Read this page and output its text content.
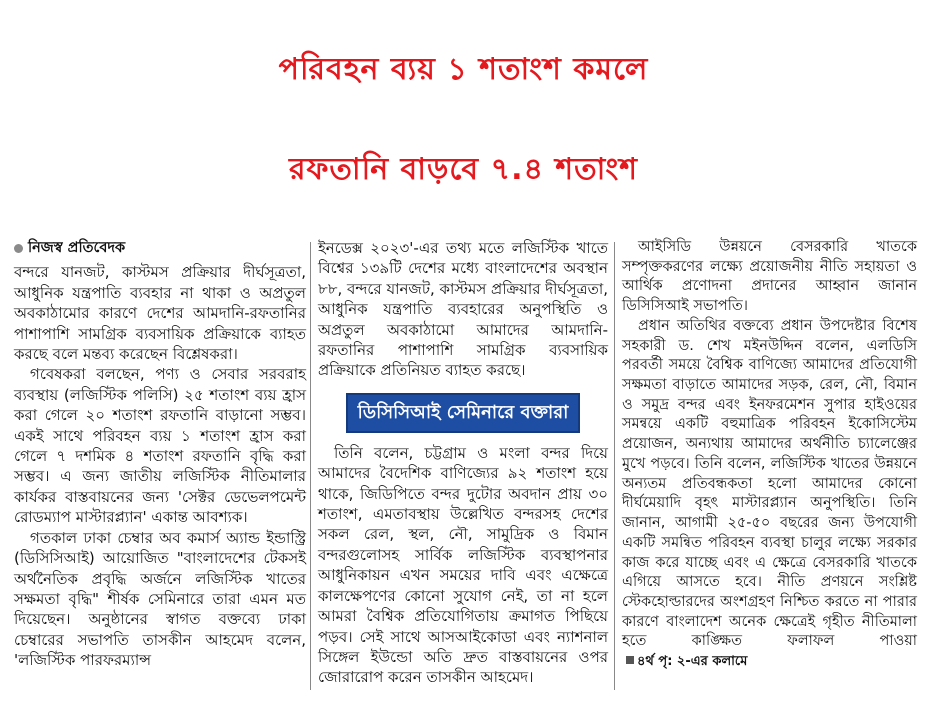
পরিবহন ব্যয় ১ শতাংশ কমলে
রফতানি বাড়বে ৭.৪ শতাংশ
নিজস্ব প্রতিবেদক

বন্দরে যানজট, কাস্টমস প্রক্রিয়ার দীর্ঘসূত্রতা, আধুনিক যন্ত্রপাতি ব্যবহার না থাকা ও অপ্রতুল অবকাঠামোর কারণে দেশের আমদানি-রফতানির পাশাপাশি সামগ্রিক ব্যবসায়িক প্রক্রিয়াকে ব্যাহত করছে বলে মন্তব্য করেছেন বিশ্লেষকরা।

গবেষকরা বলছেন, পণ্য ও সেবার সরবরাহ ব্যবস্থায় (লজিস্টিক পলিসি) ২৫ শতাংশ ব্যয় হ্রাস করা গেলে ২০ শতাংশ রফতানি বাড়ানো সম্ভব। একই সাথে পরিবহন ব্যয় ১ শতাংশ হ্রাস করা গেলে ৭ দশমিক ৪ শতাংশ রফতানি বৃদ্ধি করা সম্ভব। এ জন্য জাতীয় লজিস্টিক নীতিমালার কার্যকর বাস্তবায়নের জন্য 'সেক্টর ডেভেলপমেন্ট রোডম্যাপ মাস্টারপ্ল্যান' একান্ত আবশ্যক।

গতকাল ঢাকা চেম্বার অব কমার্স অ্যান্ড ইন্ডাস্ট্রি (ডিসিসিআই) আয়োজিত "বাংলাদেশের টেকসই অর্থনৈতিক প্রবৃদ্ধি অর্জনে লজিস্টিক খাতের সক্ষমতা বৃদ্ধি" শীর্ষক সেমিনারে তারা এমন মত দিয়েছেন। অনুষ্ঠানের স্বাগত বক্তব্যে ঢাকা চেম্বারের সভাপতি তাসকীন আহমেদ বলেন, 'লজিস্টিক পারফরম্যান্স

ইনডেক্স ২০২৩'-এর তথ্য মতে লজিস্টিক খাতে বিশ্বের ১৩৯টি দেশের মধ্যে বাংলাদেশের অবস্থান ৮৮, বন্দরে যানজট, কাস্টমস প্রক্রিয়ার দীর্ঘসূত্রতা, আধুনিক যন্ত্রপাতি ব্যবহারের অনুপস্থিতি ও অপ্রতুল অবকাঠামো আমাদের আমদানি-রফতানির পাশাপাশি সামগ্রিক ব্যবসায়িক প্রক্রিয়াকে প্রতিনিয়ত ব্যাহত করছে।

ডিসিসিআই সেমিনারে বক্তারা

তিনি বলেন, চট্টগ্রাম ও মংলা বন্দর দিয়ে আমাদের বৈদেশিক বাণিজ্যের ৯২ শতাংশ হয়ে থাকে, জিডিপিতে বন্দর দুটোর অবদান প্রায় ৩০ শতাংশ, এমতাবস্থায় উল্লেখিত বন্দরসহ দেশের সকল রেল, স্থল, নৌ, সামুদ্রিক ও বিমান বন্দরগুলোসহ সার্বিক লজিস্টিক ব্যবস্থাপনার আধুনিকায়ন এখন সময়ের দাবি এবং এক্ষেত্রে কালক্ষেপণের কোনো সুযোগ নেই, তা না হলে আমরা বৈশ্বিক প্রতিযোগিতায় ক্রমাগত পিছিয়ে পড়ব। সেই সাথে আসআইকোডা এবং ন্যাশনাল সিঙ্গেল ইউন্ডো অতি দ্রুত বাস্তবায়নের ওপর জোরারোপ করেন তাসকীন আহমেদ।

আইসিডি উন্নয়নে বেসরকারি খাতকে সম্পৃক্তকরণের লক্ষ্যে প্রয়োজনীয় নীতি সহায়তা ও আর্থিক প্রণোদনা প্রদানের আহ্বান জানান ডিসিসিআই সভাপতি।

প্রধান অতিথির বক্তব্যে প্রধান উপদেষ্টার বিশেষ সহকারী ড. শেখ মইনউদ্দিন বলেন, এলডিসি পরবর্তী সময়ে বৈশ্বিক বাণিজ্যে আমাদের প্রতিযোগী সক্ষমতা বাড়াতে আমাদের সড়ক, রেল, নৌ, বিমান ও সমুদ্র বন্দর এবং ইনফরমেশন সুপার হাইওয়ের সমন্বয়ে একটি বহুমাত্রিক পরিবহন ইকোসিস্টেম প্রয়োজন, অন্যথায় আমাদের অর্থনীতি চ্যালেঞ্জের মুখে পড়বে। তিনি বলেন, লজিস্টিক খাতের উন্নয়নে অন্যতম প্রতিবন্ধকতা হলো আমাদের কোনো দীর্ঘমেয়াদি বৃহৎ মাস্টারপ্ল্যান অনুপস্থিতি। তিনি জানান, আগামী ২৫-৫০ বছরের জন্য উপযোগী একটি সমন্বিত পরিবহন ব্যবস্থা চালুর লক্ষ্যে সরকার কাজ করে যাচ্ছে এবং এ ক্ষেত্রে বেসরকারি খাতকে এগিয়ে আসতে হবে। নীতি প্রণয়নে সংশ্লিষ্ট স্টেকহোল্ডারদের অংশগ্রহণ নিশ্চিত করতে না পারার কারণে বাংলাদেশ অনেক ক্ষেত্রেই গৃহীত নীতিমালা হতে কাঙ্ক্ষিত ফলাফল পাওয়া ৪র্থ পৃ: ২-এর কলামে
